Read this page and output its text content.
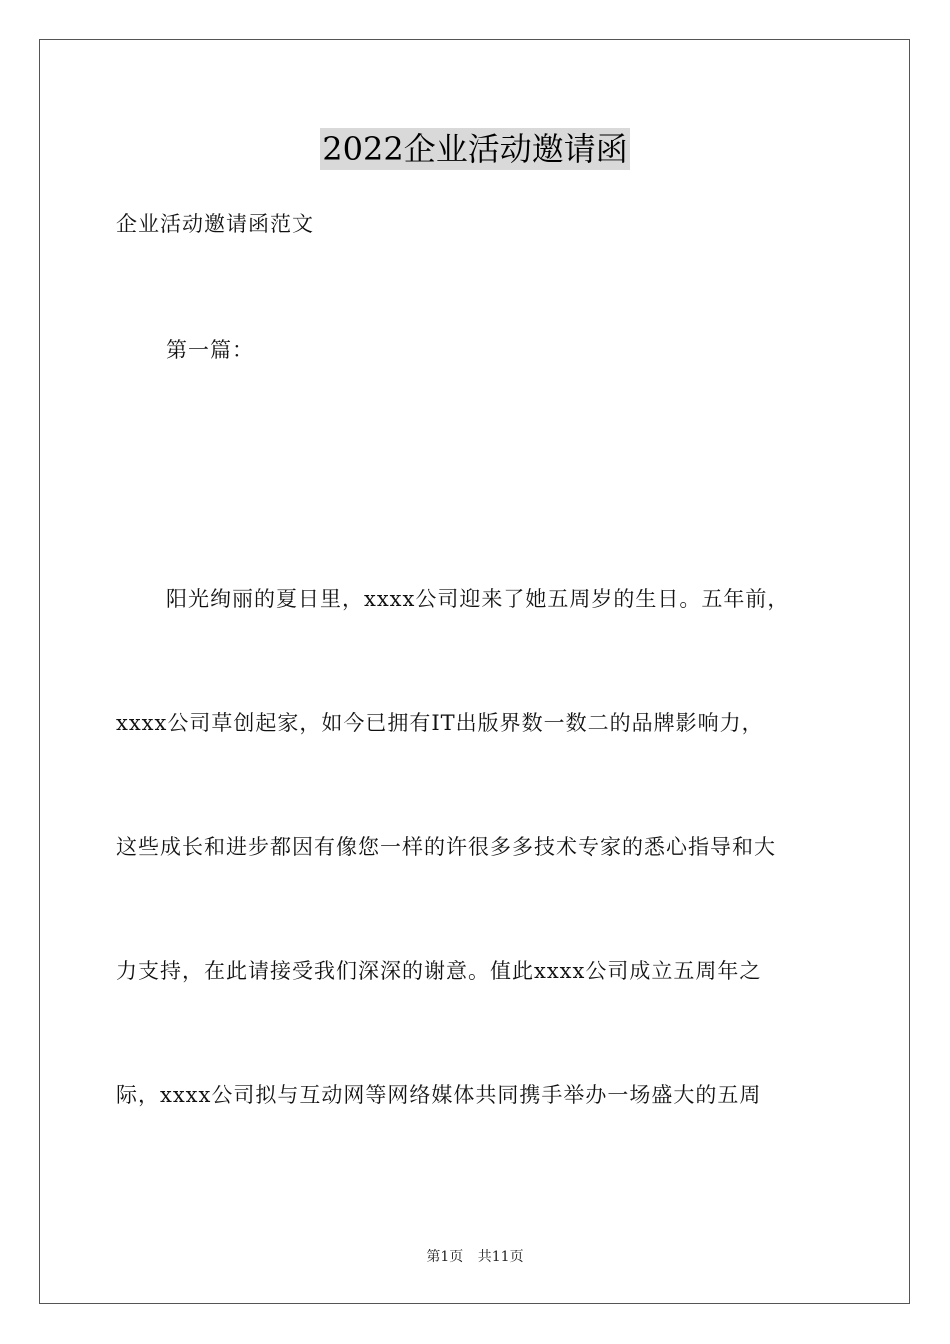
2022企业活动邀请函
企业活动邀请函范文
第一篇：
阳光绚丽的夏日里，xxxx公司迎来了她五周岁的生日。五年前，
xxxx公司草创起家，如今已拥有IT出版界数一数二的品牌影响力，
这些成长和进步都因有像您一样的许很多多技术专家的悉心指导和大
力支持，在此请接受我们深深的谢意。值此xxxx公司成立五周年之
际，xxxx公司拟与互动网等网络媒体共同携手举办一场盛大的五周
第1页 共11页
